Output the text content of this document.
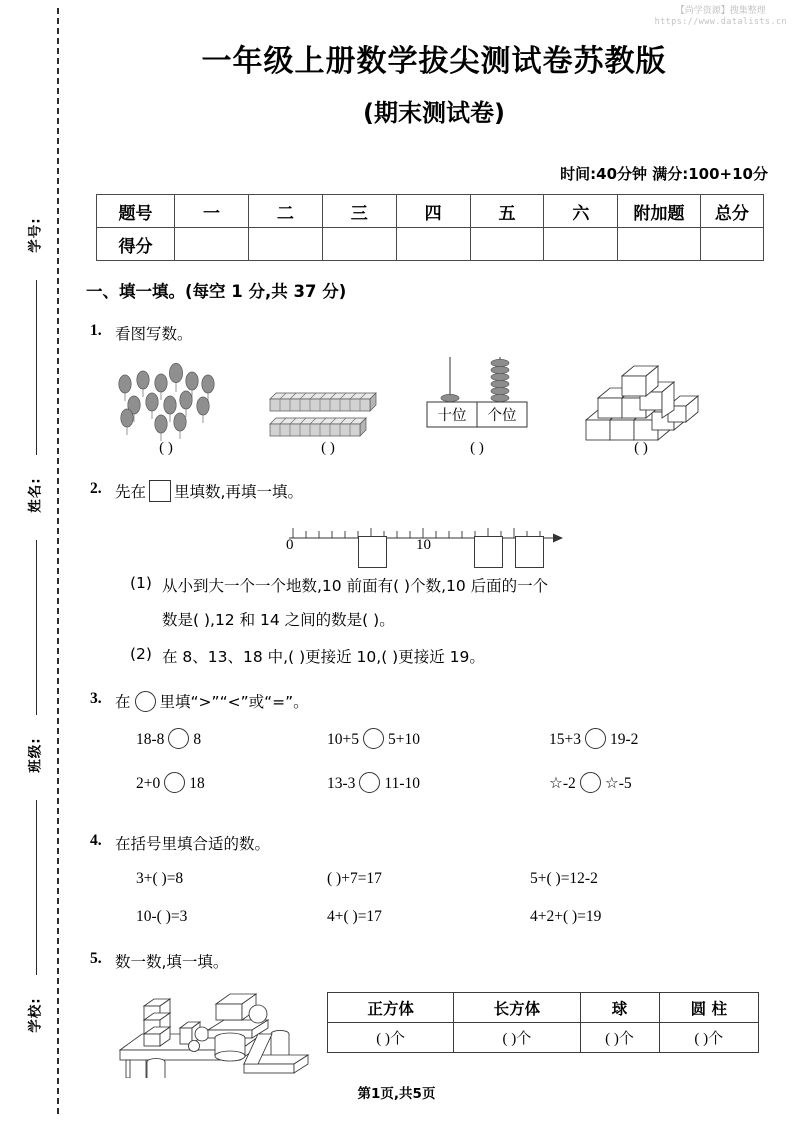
【尚学资源】搜集整理
https://www.datalists.cn
学号:
姓名:
班级:
学校:
一年级上册数学拔尖测试卷苏教版
(期末测试卷)
时间:40分钟 满分:100+10分
题号	一	二	三	四	五	六	附加题	总分
得分								
一、填一填。(每空 1 分,共 37 分)
1. 看图写数。
( )	( )
十位	个位
( )	( )
2. 先在 里填数,再填一填。
0	10
(1) 从小到大一个一个地数,10 前面有( )个数,10 后面的一个
数是( ),12 和 14 之间的数是( )。
(2) 在 8、13、18 中,( )更接近 10,( )更接近 19。
3. 在 里填“>”“<”或“=”。
18-8 8	10+5 5+10	15+3 19-2
2+0 18	13-3 11-10	☆-2 ☆-5
4. 在括号里填合适的数。
3+( )=8	( )+7=17	5+( )=12-2
10-( )=3	4+( )=17	4+2+( )=19
5. 数一数,填一填。
正方体	长方体	球	圆 柱
( )个	( )个	( )个	( )个
第1页,共5页
